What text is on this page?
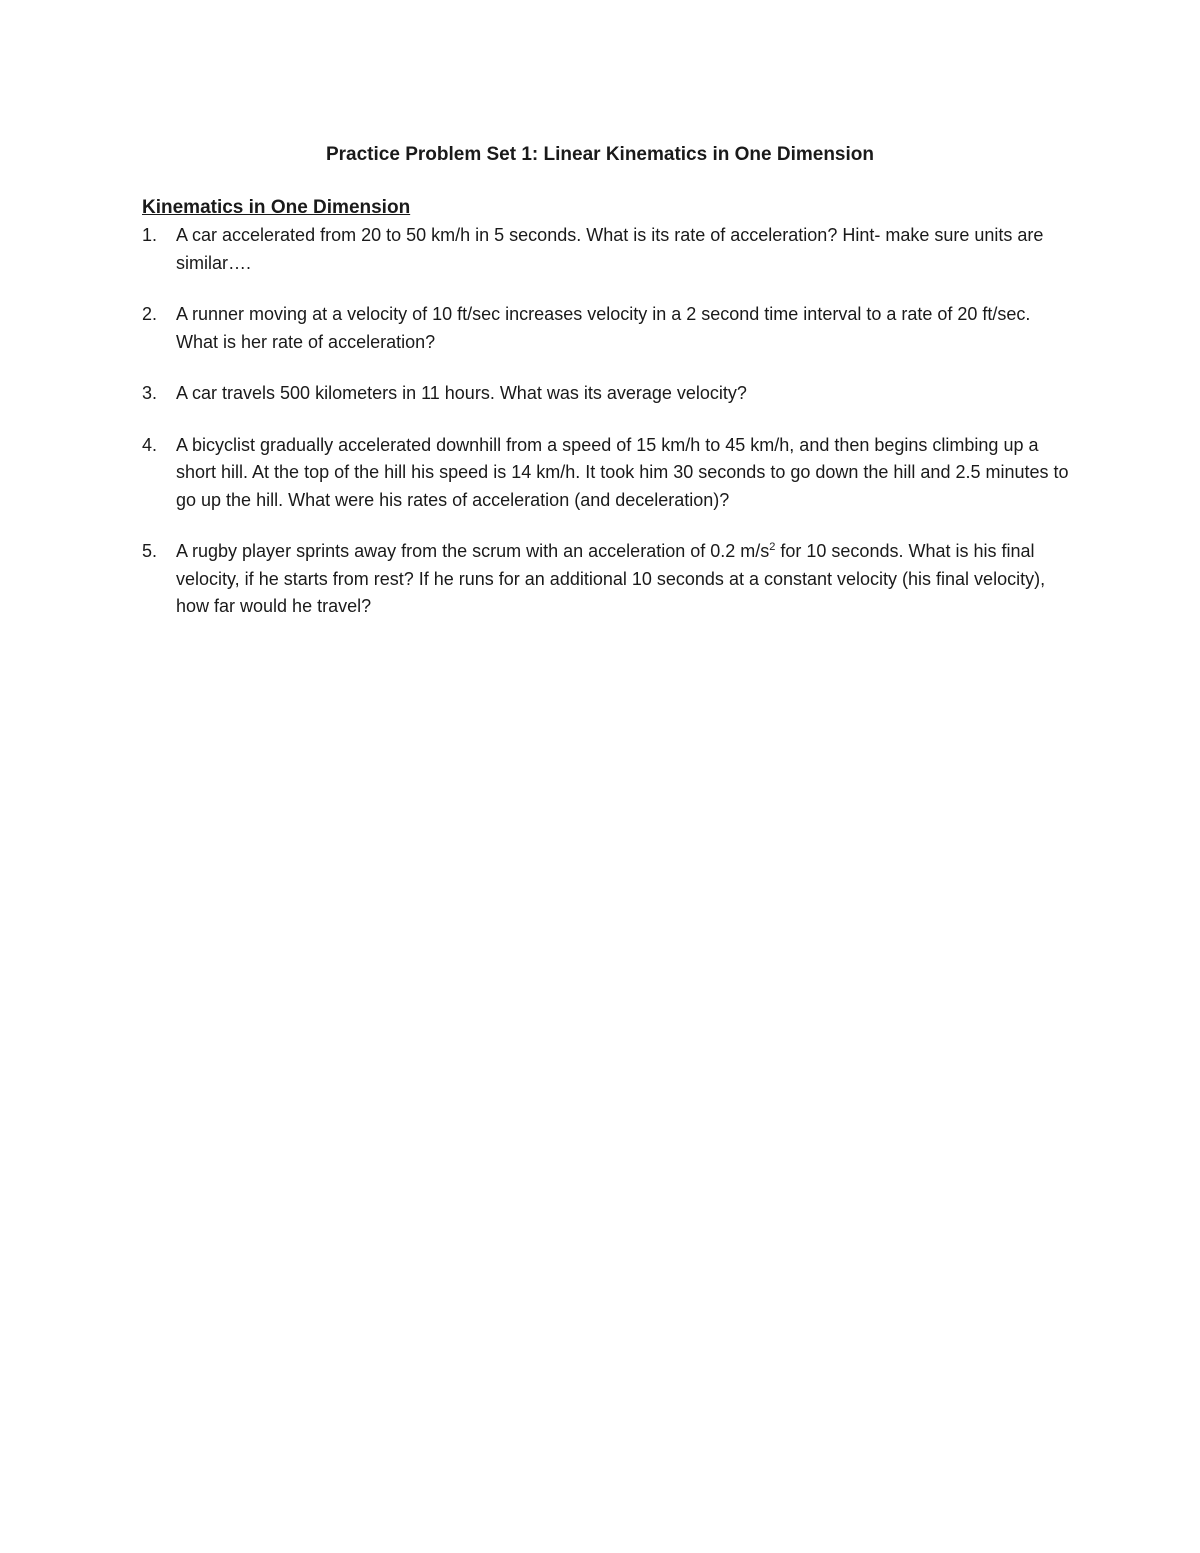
Practice Problem Set 1: Linear Kinematics in One Dimension
Kinematics in One Dimension
1. A car accelerated from 20 to 50 km/h in 5 seconds. What is its rate of acceleration? Hint- make sure units are similar….
2. A runner moving at a velocity of 10 ft/sec increases velocity in a 2 second time interval to a rate of 20 ft/sec. What is her rate of acceleration?
3. A car travels 500 kilometers in 11 hours. What was its average velocity?
4. A bicyclist gradually accelerated downhill from a speed of 15 km/h to 45 km/h, and then begins climbing up a short hill. At the top of the hill his speed is 14 km/h. It took him 30 seconds to go down the hill and 2.5 minutes to go up the hill. What were his rates of acceleration (and deceleration)?
5. A rugby player sprints away from the scrum with an acceleration of 0.2 $m/s^2$ for 10 seconds. What is his final velocity, if he starts from rest? If he runs for an additional 10 seconds at a constant velocity (his final velocity), how far would he travel?
